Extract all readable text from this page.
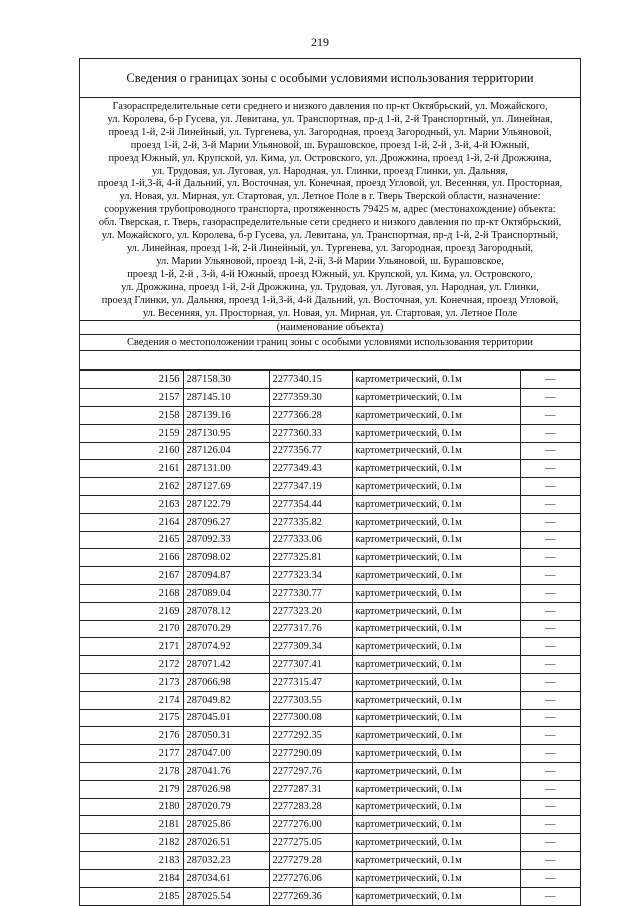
219
Сведения о границах зоны с особыми условиями использования территории
Газораспределительные сети среднего и низкого давления по пр-кт Октябрьский, ул. Можайского,
ул. Королева, б-р Гусева, ул. Левитана, ул. Транспортная, пр-д 1-й, 2-й Транспортный, ул. Линейная,
проезд 1-й, 2-й Линейный, ул. Тургенева, ул. Загородная, проезд Загородный, ул. Марии Ульяновой,
проезд 1-й, 2-й, 3-й Марии Ульяновой, ш. Бурашовское, проезд 1-й, 2-й , 3-й, 4-й Южный,
проезд Южный, ул. Крупской, ул. Кима, ул. Островского, ул. Дрожжина, проезд 1-й, 2-й Дрожжина,
ул. Трудовая, ул. Луговая, ул. Народная, ул. Глинки, проезд Глинки, ул. Дальняя,
проезд 1-й,3-й, 4-й Дальний, ул. Восточная, ул. Конечная, проезд Угловой, ул. Весенняя, ул. Просторная,
ул. Новая, ул. Мирная, ул. Стартовая, ул. Летное Поле в г. Тверь Тверской области, назначение:
сооружения трубопроводного транспорта, протяженность 79425 м, адрес (местонахождение) объекта:
обл. Тверская, г. Тверь, газораспределительные сети среднего и низкого давления по пр-кт Октябрьский,
ул. Можайского, ул. Королева, б-р Гусева, ул. Левитана, ул. Транспортная, пр-д 1-й, 2-й Транспортный,
ул. Линейная, проезд 1-й, 2-й Линейный, ул. Тургенева, ул. Загородная, проезд Загородный,
ул. Марии Ульяновой, проезд 1-й, 2-й, 3-й Марии Ульяновой, ш. Бурашовское,
проезд 1-й, 2-й , 3-й, 4-й Южный, проезд Южный, ул. Крупской, ул. Кима, ул. Островского,
ул. Дрожжина, проезд 1-й, 2-й Дрожжина, ул. Трудовая, ул. Луговая, ул. Народная, ул. Глинки,
проезд Глинки, ул. Дальняя, проезд 1-й,3-й, 4-й Дальний, ул. Восточная, ул. Конечная, проезд Угловой,
ул. Весенняя, ул. Просторная, ул. Новая, ул. Мирная, ул. Стартовая, ул. Летное Поле
(наименование объекта)
Сведения о местоположении границ зоны с особыми условиями использования территории
2156	287158.30	2277340.15	картометрический, 0.1м	—
2157	287145.10	2277359.30	картометрический, 0.1м	—
2158	287139.16	2277366.28	картометрический, 0.1м	—
2159	287130.95	2277360.33	картометрический, 0.1м	—
2160	287126.04	2277356.77	картометрический, 0.1м	—
2161	287131.00	2277349.43	картометрический, 0.1м	—
2162	287127.69	2277347.19	картометрический, 0.1м	—
2163	287122.79	2277354.44	картометрический, 0.1м	—
2164	287096.27	2277335.82	картометрический, 0.1м	—
2165	287092.33	2277333.06	картометрический, 0.1м	—
2166	287098.02	2277325.81	картометрический, 0.1м	—
2167	287094.87	2277323.34	картометрический, 0.1м	—
2168	287089.04	2277330.77	картометрический, 0.1м	—
2169	287078.12	2277323.20	картометрический, 0.1м	—
2170	287070.29	2277317.76	картометрический, 0.1м	—
2171	287074.92	2277309.34	картометрический, 0.1м	—
2172	287071.42	2277307.41	картометрический, 0.1м	—
2173	287066.98	2277315.47	картометрический, 0.1м	—
2174	287049.82	2277303.55	картометрический, 0.1м	—
2175	287045.01	2277300.08	картометрический, 0.1м	—
2176	287050.31	2277292.35	картометрический, 0.1м	—
2177	287047.00	2277290.09	картометрический, 0.1м	—
2178	287041.76	2277297.76	картометрический, 0.1м	—
2179	287026.98	2277287.31	картометрический, 0.1м	—
2180	287020.79	2277283.28	картометрический, 0.1м	—
2181	287025.86	2277276.00	картометрический, 0.1м	—
2182	287026.51	2277275.05	картометрический, 0.1м	—
2183	287032.23	2277279.28	картометрический, 0.1м	—
2184	287034.61	2277276.06	картометрический, 0.1м	—
2185	287025.54	2277269.36	картометрический, 0.1м	—
